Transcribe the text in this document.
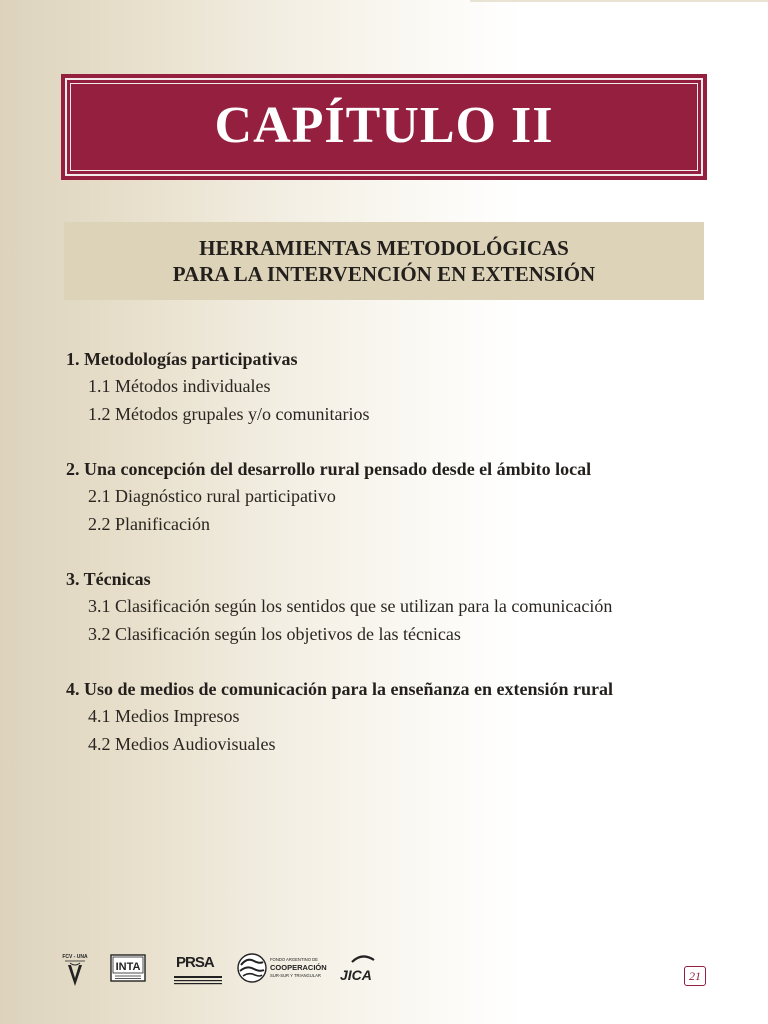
CAPÍTULO II
HERRAMIENTAS METODOLÓGICAS
PARA LA INTERVENCIÓN EN EXTENSIÓN
1. Metodologías participativas
1.1 Métodos individuales
1.2 Métodos grupales y/o comunitarios
2. Una concepción del desarrollo rural pensado desde el ámbito local
2.1 Diagnóstico rural participativo
2.2 Planificación
3. Técnicas
3.1 Clasificación según los sentidos que se utilizan para la comunicación
3.2 Clasificación según los objetivos de las técnicas
4. Uso de medios de comunicación para la enseñanza en extensión rural
4.1 Medios Impresos
4.2 Medios Audiovisuales
FCV - UNA
INTA PRSA	FONDO ARGENTINO DE
COOPERACIÓN
SUR-SUR Y TRIANGULAR JICA	21
